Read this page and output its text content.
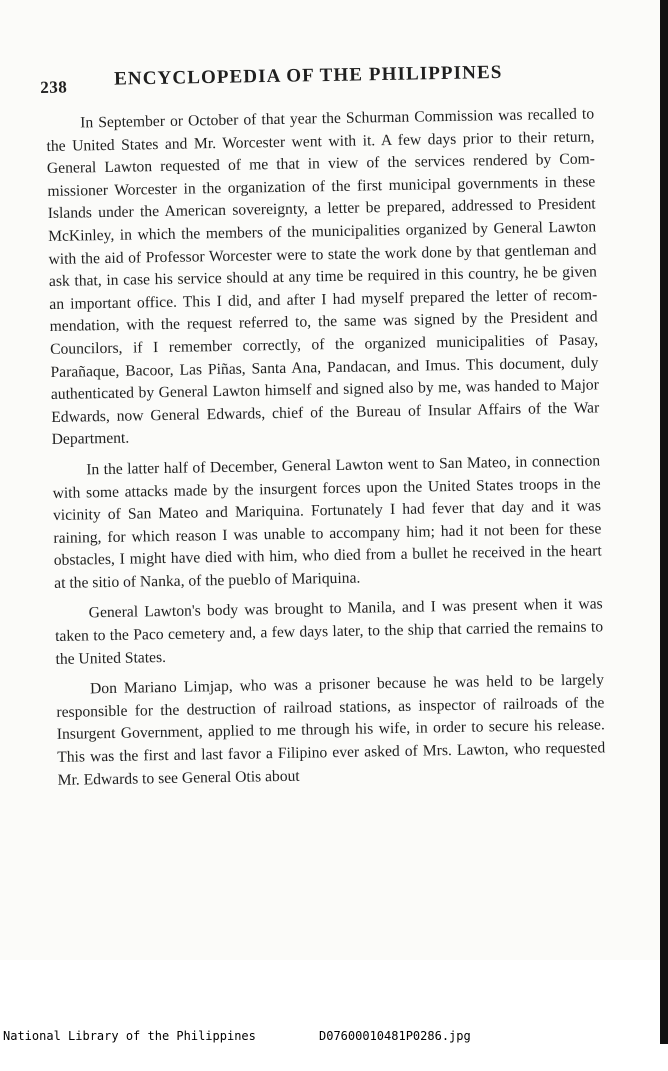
238 ENCYCLOPEDIA OF THE PHILIPPINES

In September or October of that year the Schurman Commission was recalled to the United States and Mr. Worcester went with it. A few days prior to their return, General Lawton requested of me that in view of the services rendered by Commissioner Worcester in the organization of the first municipal governments in these Islands under the American sovereignty, a letter be prepared, addressed to President McKinley, in which the members of the municipalities organized by General Lawton with the aid of Professor Worcester were to state the work done by that gentleman and ask that, in case his service should at any time be required in this country, he be given an important office. This I did, and after I had myself prepared the letter of recommendation, with the request referred to, the same was signed by the President and Councilors, if I remember correctly, of the organized municipalities of Pasay, Parañaque, Bacoor, Las Piñas, Santa Ana, Pandacan, and Imus. This document, duly authenticated by General Lawton himself and signed also by me, was handed to Major Edwards, now General Edwards, chief of the Bureau of Insular Affairs of the War Department.

In the latter half of December, General Lawton went to San Mateo, in connection with some attacks made by the insurgent forces upon the United States troops in the vicinity of San Mateo and Mariquina. Fortunately I had fever that day and it was raining, for which reason I was unable to accompany him; had it not been for these obstacles, I might have died with him, who died from a bullet he received in the heart at the sitio of Nanka, of the pueblo of Mariquina.

General Lawton's body was brought to Manila, and I was present when it was taken to the Paco cemetery and, a few days later, to the ship that carried the remains to the United States.

Don Mariano Limjap, who was a prisoner because he was held to be largely responsible for the destruction of railroad stations, as inspector of railroads of the Insurgent Government, applied to me through his wife, in order to secure his release. This was the first and last favor a Filipino ever asked of Mrs. Lawton, who requested Mr. Edwards to see General Otis about

National Library of the Philippines

	D07600010481P0286.jpg
